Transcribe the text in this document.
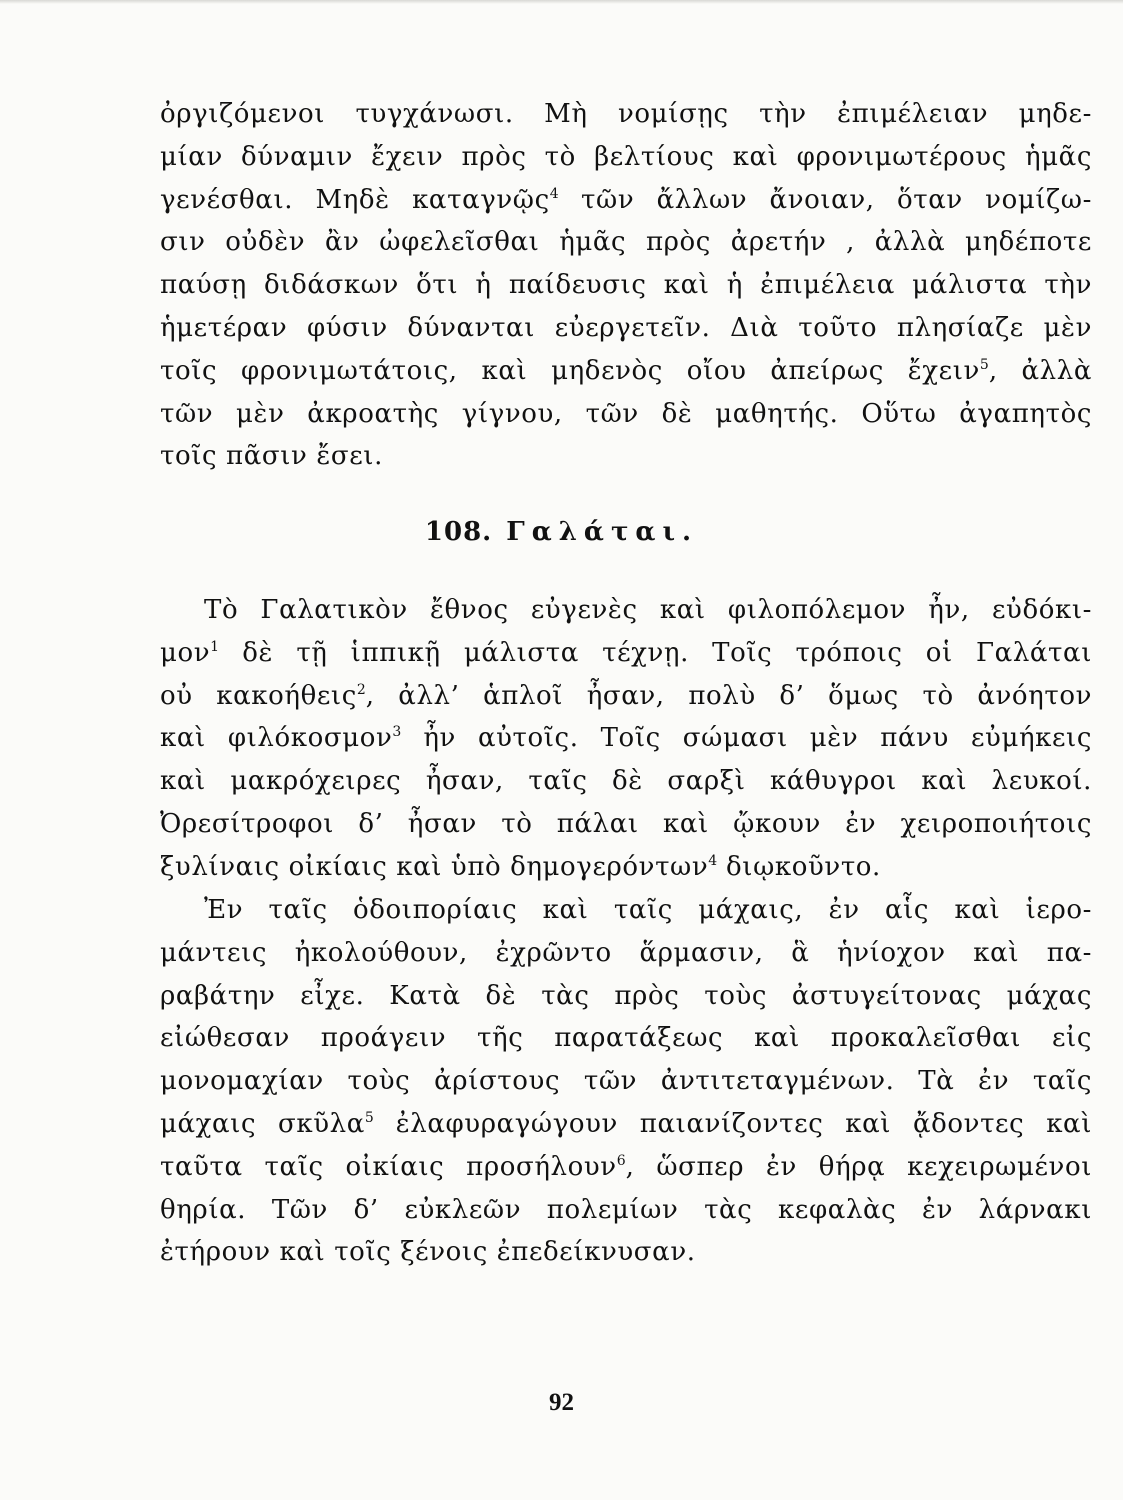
ὀργιζόμενοι τυγχάνωσι. Μὴ νομίσῃς τὴν ἐπιμέλειαν μηδε-
μίαν δύναμιν ἔχειν πρὸς τὸ βελτίους καὶ φρονιμωτέρους ἡμᾶς
γενέσθαι. Μηδὲ καταγνῷς$^4$ τῶν ἄλλων ἄνοιαν, ὅταν νομίζω-
σιν οὐδὲν ἂν ὠφελεῖσθαι ἡμᾶς πρὸς ἀρετήν , ἀλλὰ μηδέποτε
παύσῃ διδάσκων ὅτι ἡ παίδευσις καὶ ἡ ἐπιμέλεια μάλιστα τὴν
ἡμετέραν φύσιν δύνανται εὐεργετεῖν. Διὰ τοῦτο πλησίαζε μὲν
τοῖς φρονιμωτάτοις, καὶ μηδενὸς οἴου ἀπείρως ἔχειν$^5$, ἀλλὰ
τῶν μὲν ἀκροατὴς γίγνου, τῶν δὲ μαθητής. Οὕτω ἀγαπητὸς
τοῖς πᾶσιν ἔσει.
108. Γαλάται.
Τὸ Γαλατικὸν ἔθνος εὐγενὲς καὶ φιλοπόλεμον ἦν, εὐδόκι-
μον$^1$ δὲ τῇ ἱππικῇ μάλιστα τέχνῃ. Τοῖς τρόποις οἱ Γαλάται
οὐ κακοήθεις$^2$, ἀλλ’ ἁπλοῖ ἦσαν, πολὺ δ’ ὅμως τὸ ἀνόητον
καὶ φιλόκοσμον$^3$ ἦν αὐτοῖς. Τοῖς σώμασι μὲν πάνυ εὐμήκεις
καὶ μακρόχειρες ἦσαν, ταῖς δὲ σαρξὶ κάθυγροι καὶ λευκοί.
Ὀρεσίτροφοι δ’ ἦσαν τὸ πάλαι καὶ ᾤκουν ἐν χειροποιήτοις
ξυλίναις οἰκίαις καὶ ὑπὸ δημογερόντων$^4$ διῳκοῦντο.
Ἐν ταῖς ὁδοιπορίαις καὶ ταῖς μάχαις, ἐν αἷς καὶ ἱερο-
μάντεις ἠκολούθουν, ἐχρῶντο ἅρμασιν, ἃ ἡνίοχον καὶ πα-
ραβάτην εἶχε. Κατὰ δὲ τὰς πρὸς τοὺς ἀστυγείτονας μάχας
εἰώθεσαν προάγειν τῆς παρατάξεως καὶ προκαλεῖσθαι εἰς
μονομαχίαν τοὺς ἀρίστους τῶν ἀντιτεταγμένων. Τὰ ἐν ταῖς
μάχαις σκῦλα$^5$ ἐλαφυραγώγουν παιανίζοντες καὶ ᾄδοντες καὶ
ταῦτα ταῖς οἰκίαις προσήλουν$^6$, ὥσπερ ἐν θήρᾳ κεχειρωμένοι
θηρία. Τῶν δ’ εὐκλεῶν πολεμίων τὰς κεφαλὰς ἐν λάρνακι
ἐτήρουν καὶ τοῖς ξένοις ἐπεδείκνυσαν.
92
